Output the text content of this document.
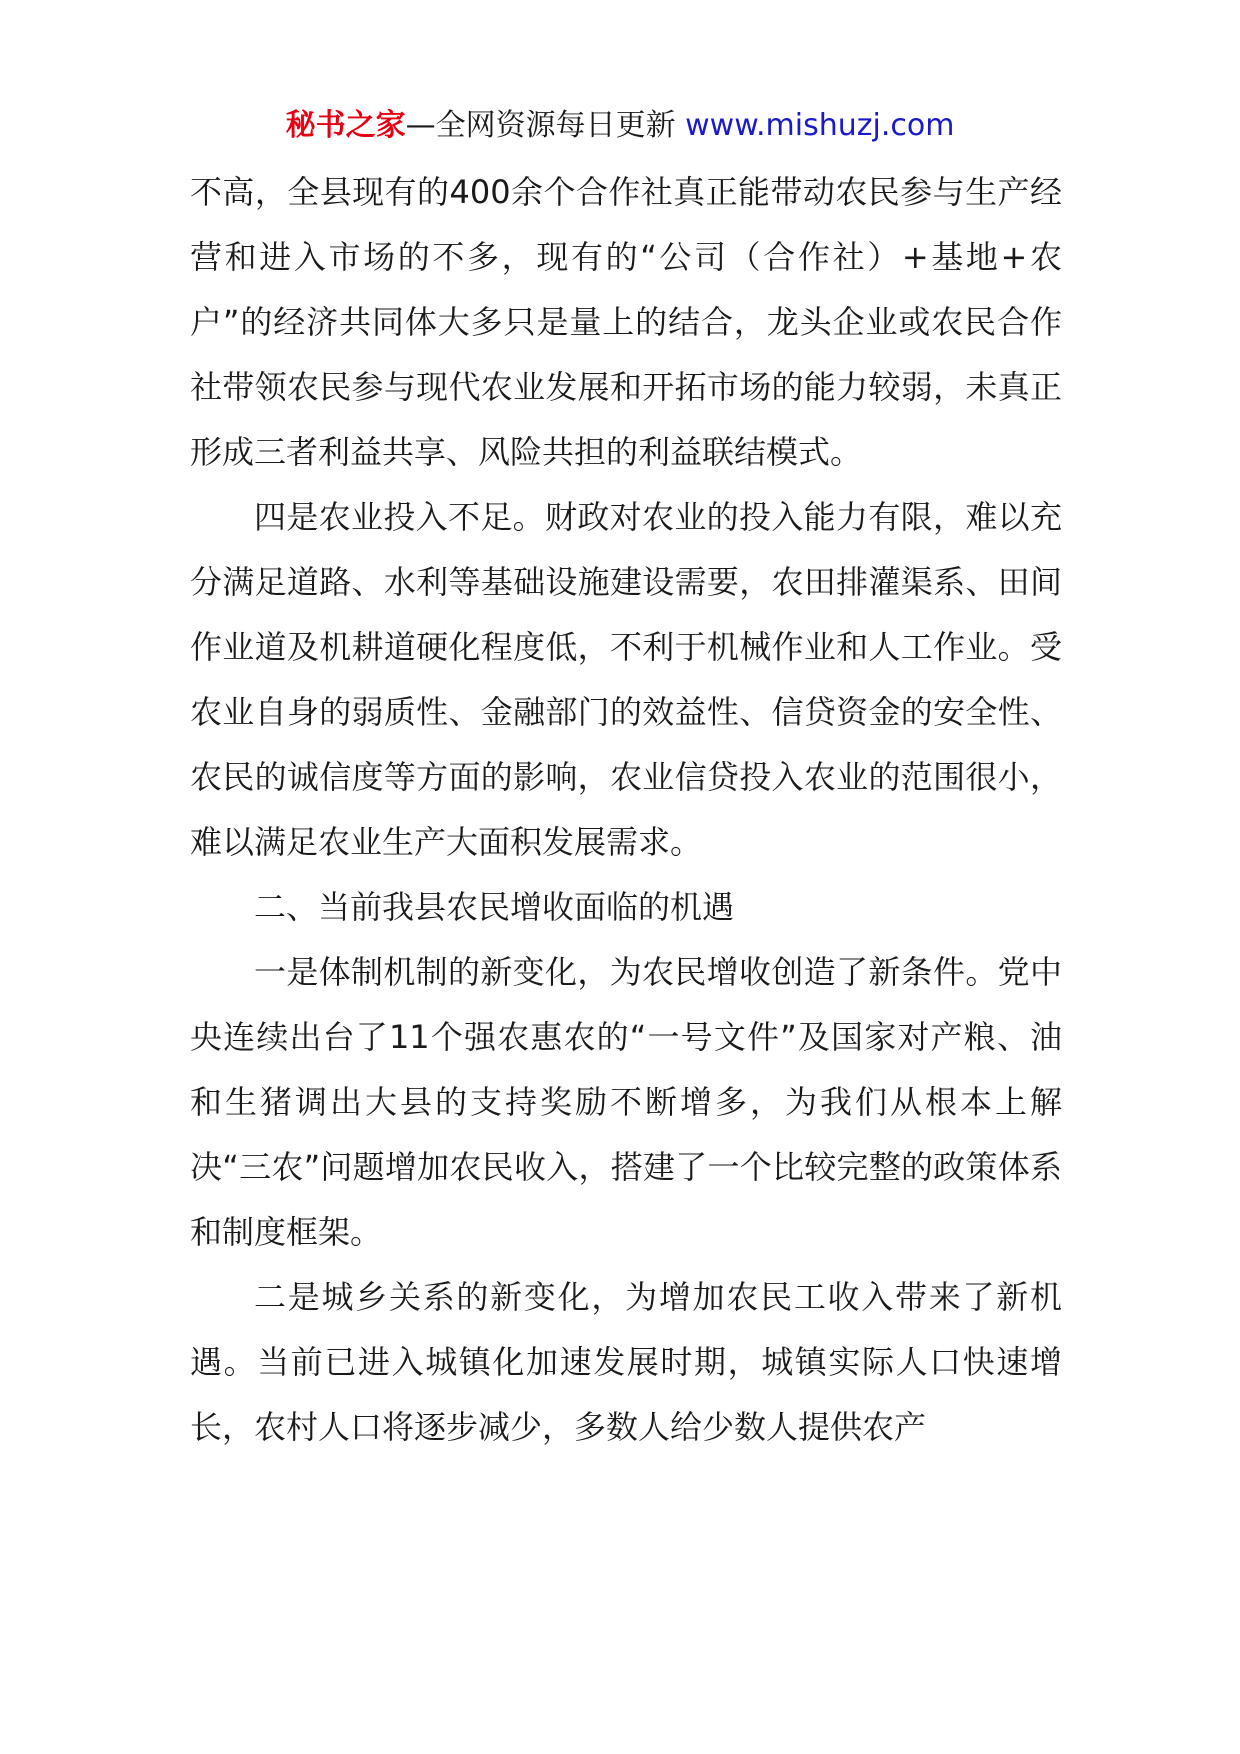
秘书之家—全网资源每日更新 www.mishuzj.com

不高，全县现有的400余个合作社真正能带动农民参与生产经营和进入市场的不多，现有的“公司（合作社）+基地+农户”的经济共同体大多只是量上的结合，龙头企业或农民合作社带领农民参与现代农业发展和开拓市场的能力较弱，未真正形成三者利益共享、风险共担的利益联结模式。

四是农业投入不足。财政对农业的投入能力有限，难以充分满足道路、水利等基础设施建设需要，农田排灌渠系、田间作业道及机耕道硬化程度低，不利于机械作业和人工作业。受农业自身的弱质性、金融部门的效益性、信贷资金的安全性、农民的诚信度等方面的影响，农业信贷投入农业的范围很小，难以满足农业生产大面积发展需求。

二、当前我县农民增收面临的机遇

一是体制机制的新变化，为农民增收创造了新条件。党中央连续出台了11个强农惠农的“一号文件”及国家对产粮、油和生猪调出大县的支持奖励不断增多，为我们从根本上解决“三农”问题增加农民收入，搭建了一个比较完整的政策体系和制度框架。

二是城乡关系的新变化，为增加农民工收入带来了新机遇。当前已进入城镇化加速发展时期，城镇实际人口快速增长，农村人口将逐步减少，多数人给少数人提供农产
